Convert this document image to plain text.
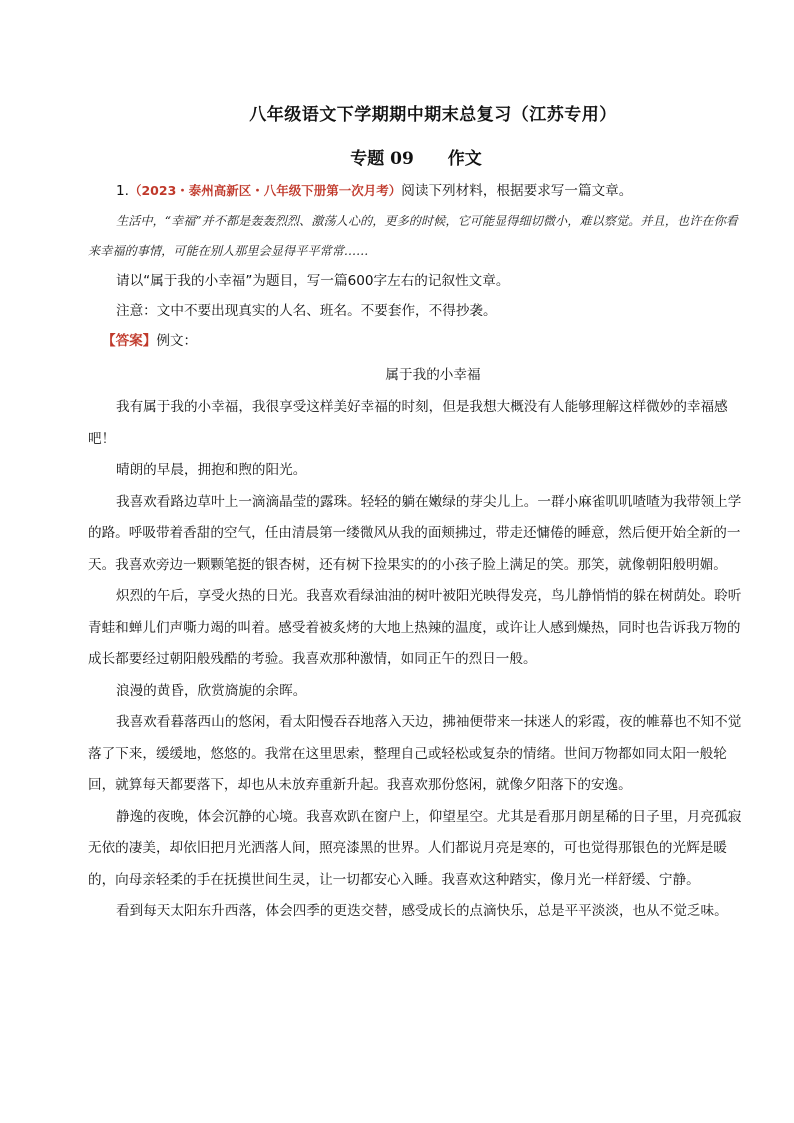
八年级语文下学期期中期末总复习（江苏专用）
专题 09 作文

1.（2023・泰州高新区・八年级下册第一次月考）阅读下列材料，根据要求写一篇文章。

生活中，“幸福”并不都是轰轰烈烈、激荡人心的，更多的时候，它可能显得细切微小，难以察觉。并且，也许在你看来幸福的事情，可能在别人那里会显得平平常常……

请以“属于我的小幸福”为题目，写一篇600字左右的记叙性文章。

注意：文中不要出现真实的人名、班名。不要套作，不得抄袭。

【答案】例文：

属于我的小幸福

我有属于我的小幸福，我很享受这样美好幸福的时刻，但是我想大概没有人能够理解这样微妙的幸福感吧！

晴朗的早晨，拥抱和煦的阳光。

我喜欢看路边草叶上一滴滴晶莹的露珠。轻轻的躺在嫩绿的芽尖儿上。一群小麻雀叽叽喳喳为我带领上学的路。呼吸带着香甜的空气，任由清晨第一缕微风从我的面颊拂过，带走还慵倦的睡意，然后便开始全新的一天。我喜欢旁边一颗颗笔挺的银杏树，还有树下捡果实的的小孩子脸上满足的笑。那笑，就像朝阳般明媚。

炽烈的午后，享受火热的日光。我喜欢看绿油油的树叶被阳光映得发亮，鸟儿静悄悄的躲在树荫处。聆听青蛙和蝉儿们声嘶力竭的叫着。感受着被炙烤的大地上热辣的温度，或许让人感到燥热，同时也告诉我万物的成长都要经过朝阳般残酷的考验。我喜欢那种激情，如同正午的烈日一般。

浪漫的黄昏，欣赏旖旎的余晖。

我喜欢看暮落西山的悠闲，看太阳慢吞吞地落入天边，拂袖便带来一抹迷人的彩霞，夜的帷幕也不知不觉落了下来，缓缓地，悠悠的。我常在这里思索，整理自己或轻松或复杂的情绪。世间万物都如同太阳一般轮回，就算每天都要落下，却也从未放弃重新升起。我喜欢那份悠闲，就像夕阳落下的安逸。

静逸的夜晚，体会沉静的心境。我喜欢趴在窗户上，仰望星空。尤其是看那月朗星稀的日子里，月亮孤寂无依的凄美，却依旧把月光洒落人间，照亮漆黑的世界。人们都说月亮是寒的，可也觉得那银色的光辉是暖的，向母亲轻柔的手在抚摸世间生灵，让一切都安心入睡。我喜欢这种踏实，像月光一样舒缓、宁静。

看到每天太阳东升西落，体会四季的更迭交替，感受成长的点滴快乐，总是平平淡淡，也从不觉乏味。
